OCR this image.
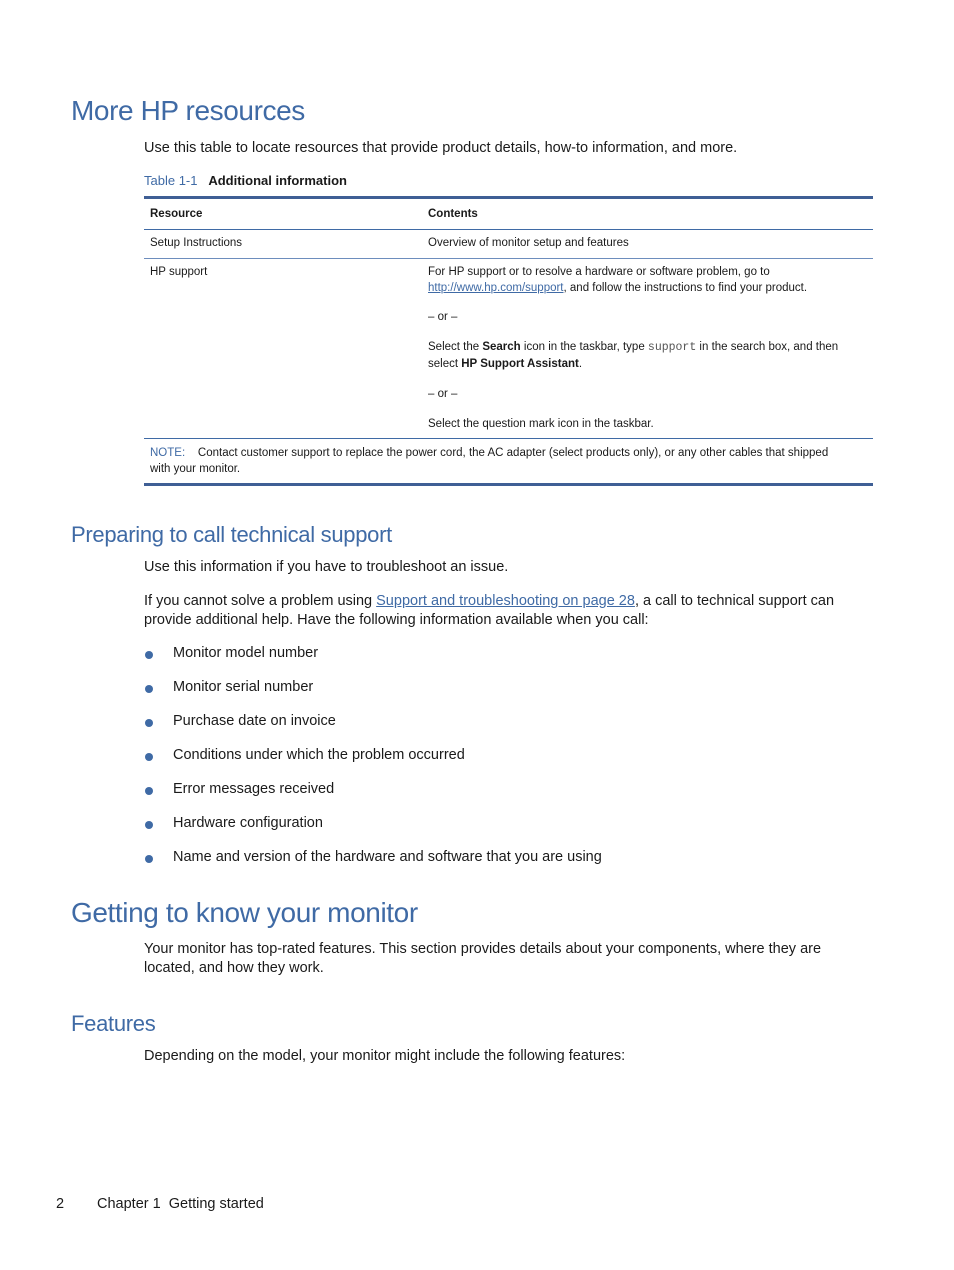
More HP resources
Use this table to locate resources that provide product details, how-to information, and more.
Table 1-1 Additional information
Resource	Contents
Setup Instructions	Overview of monitor setup and features
HP support	For HP support or to resolve a hardware or software problem, go to
http://www.hp.com/support, and follow the instructions to find your product.
– or –
Select the Search icon in the taskbar, type support in the search box, and then
select HP Support Assistant.
– or –
Select the question mark icon in the taskbar.
NOTE: Contact customer support to replace the power cord, the AC adapter (select products only), or any other cables that shipped
with your monitor.
Preparing to call technical support
Use this information if you have to troubleshoot an issue.
If you cannot solve a problem using Support and troubleshooting on page 28, a call to technical support can
provide additional help. Have the following information available when you call:
Monitor model number
Monitor serial number
Purchase date on invoice
Conditions under which the problem occurred
Error messages received
Hardware configuration
Name and version of the hardware and software that you are using
Getting to know your monitor
Your monitor has top-rated features. This section provides details about your components, where they are
located, and how they work.
Features
Depending on the model, your monitor might include the following features:
2 Chapter 1  Getting started
